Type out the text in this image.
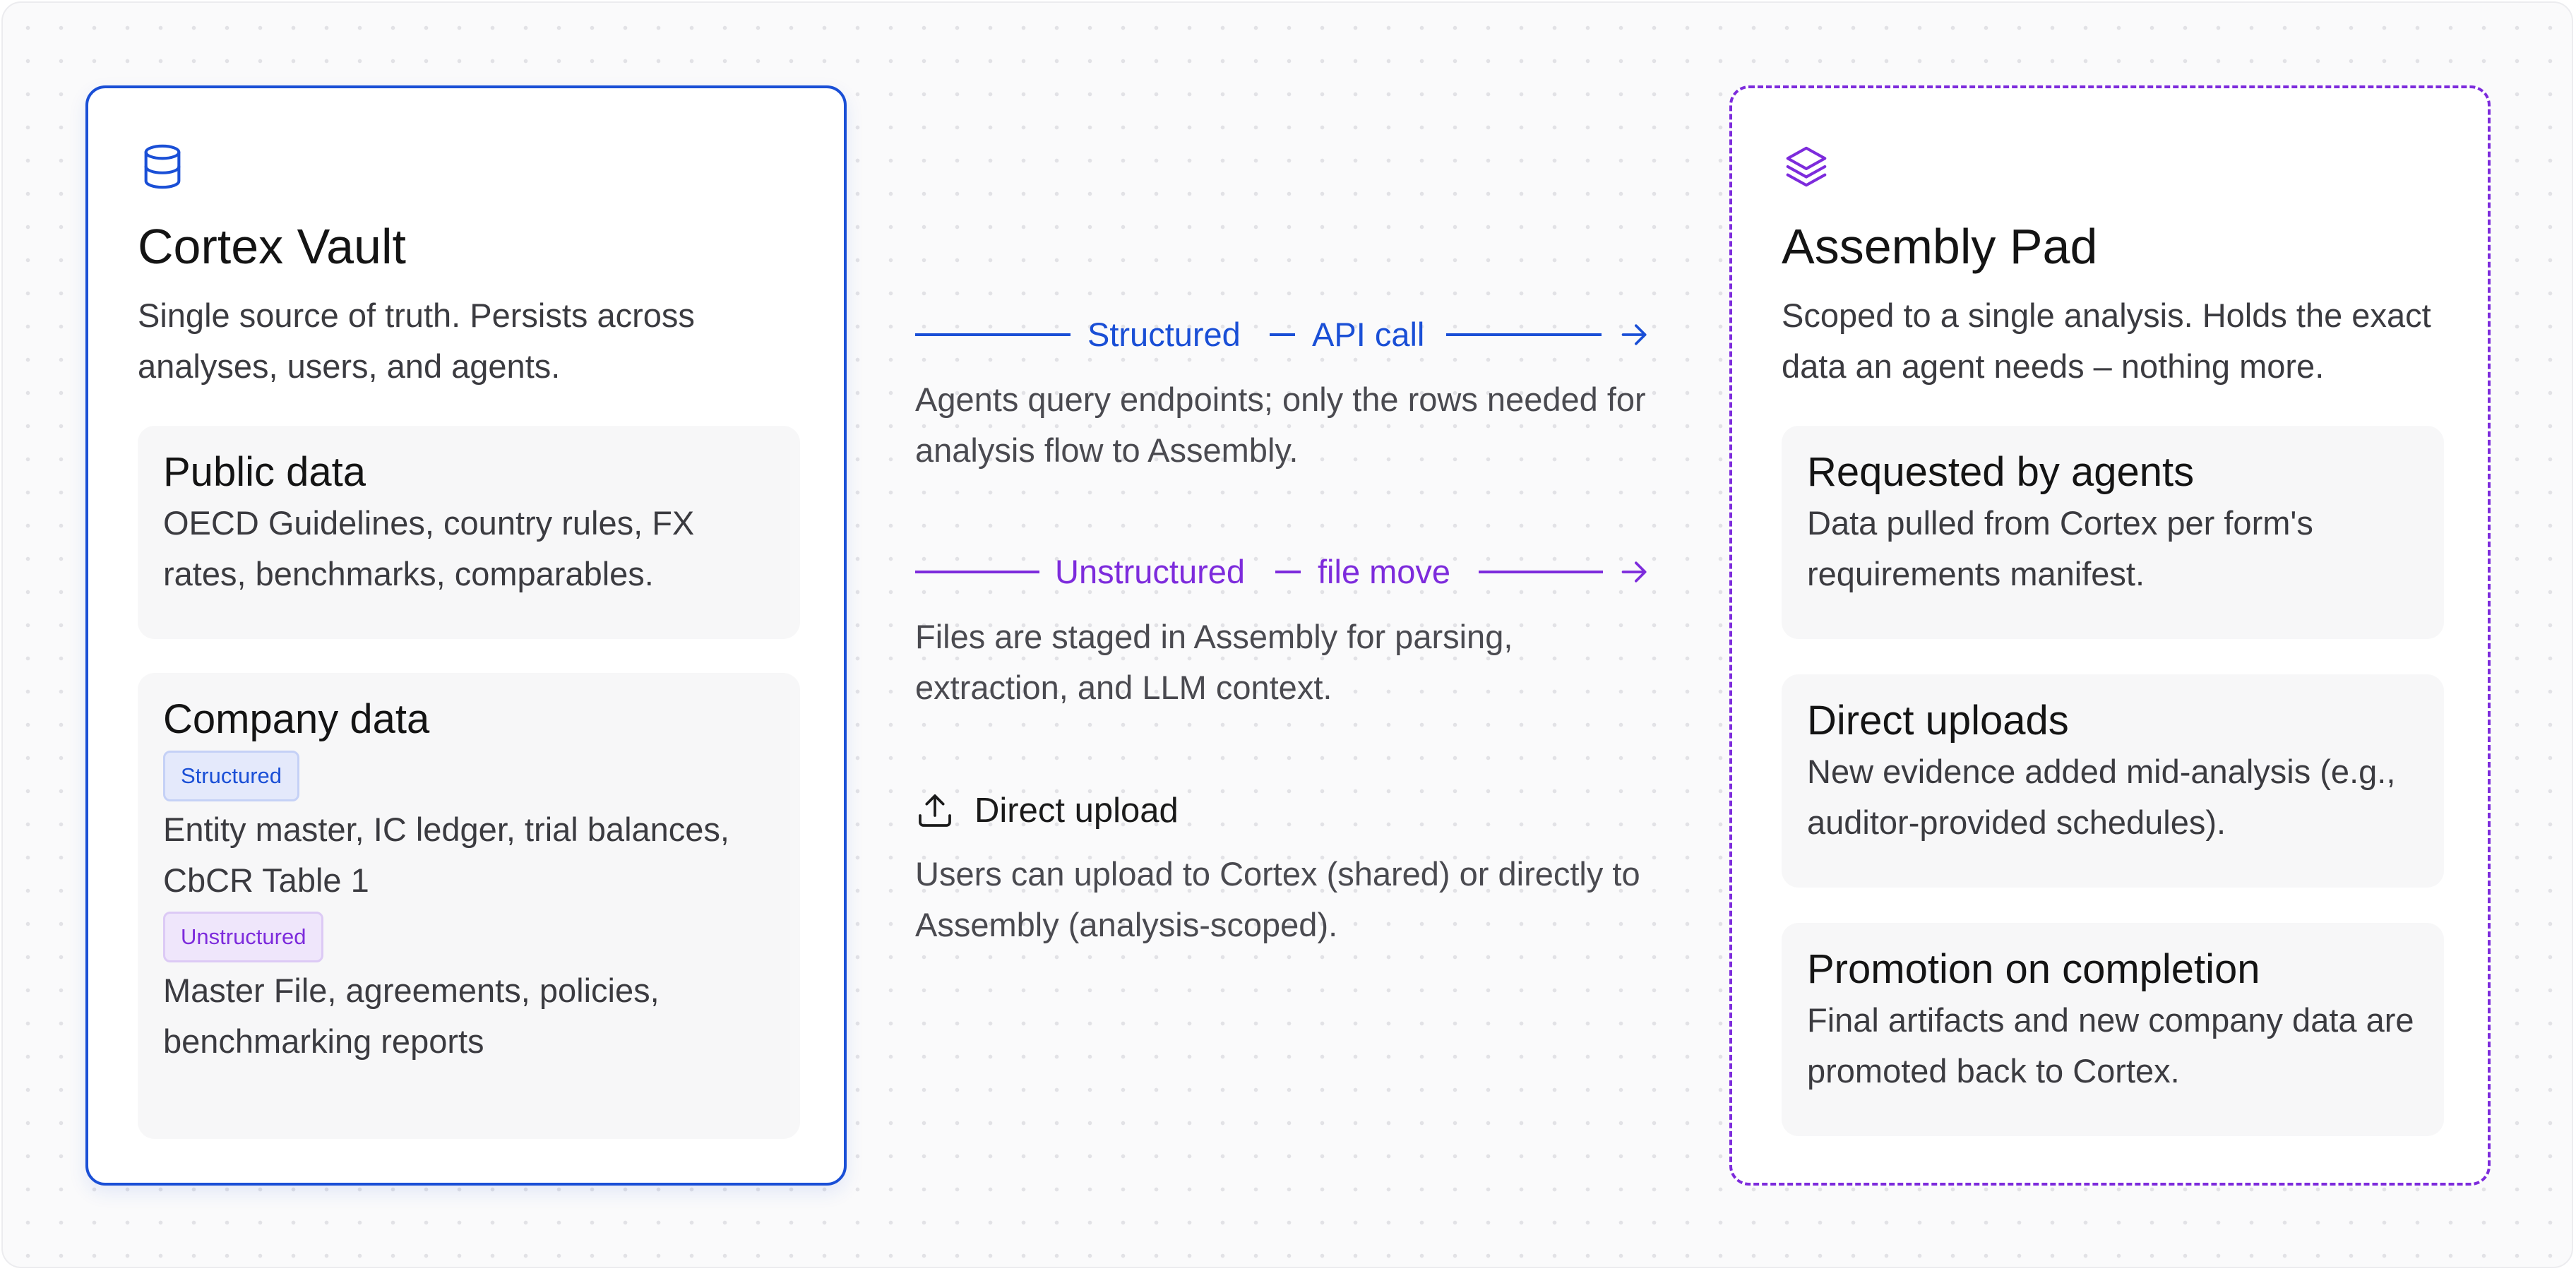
Cortex Vault
Single source of truth. Persists across analyses, users, and agents.
Public data
OECD Guidelines, country rules, FX rates, benchmarks, comparables.
Company data
Structured
Entity master, IC ledger, trial balances, CbCR Table 1
Unstructured
Master File, agreements, policies, benchmarking reports
Structured API call
Agents query endpoints; only the rows needed for analysis flow to Assembly.
Unstructured file move
Files are staged in Assembly for parsing, extraction, and LLM context.
Direct upload
Users can upload to Cortex (shared) or directly to Assembly (analysis-scoped).
Assembly Pad
Scoped to a single analysis. Holds the exact data an agent needs – nothing more.
Requested by agents
Data pulled from Cortex per form's requirements manifest.
Direct uploads
New evidence added mid-analysis (e.g., auditor-provided schedules).
Promotion on completion
Final artifacts and new company data are promoted back to Cortex.
